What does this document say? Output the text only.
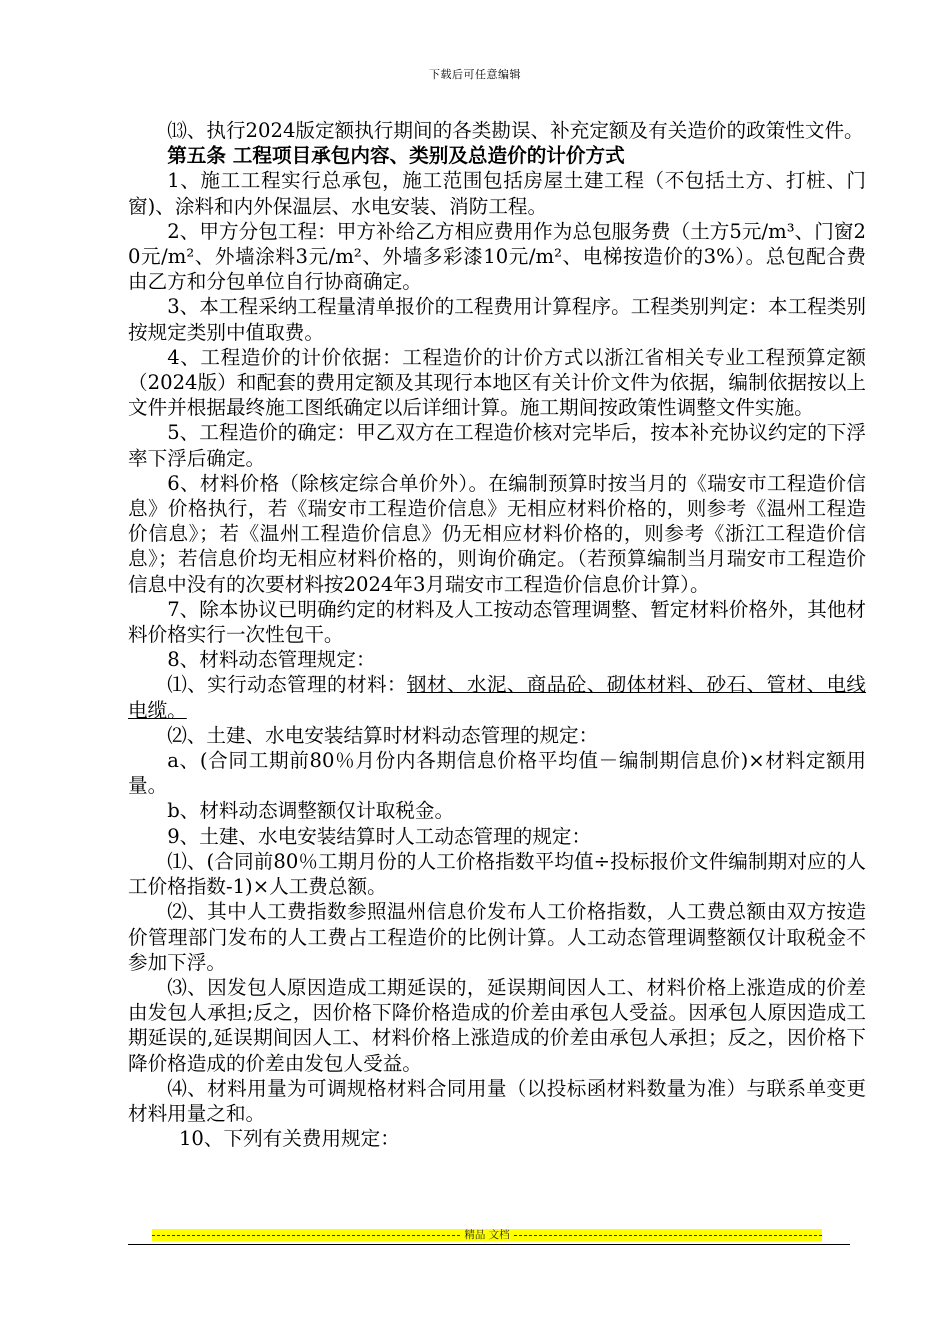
下载后可任意编辑

⒀、执行2024版定额执行期间的各类勘误、补充定额及有关造价的政策性文件。

第五条 工程项目承包内容、类别及总造价的计价方式

1、施工工程实行总承包，施工范围包括房屋土建工程（不包括土方、打桩、门窗)、涂料和内外保温层、水电安装、消防工程。

2、甲方分包工程：甲方补给乙方相应费用作为总包服务费（土方5元/m³、门窗20元/m²、外墙涂料3元/m²、外墙多彩漆10元/m²、电梯按造价的3%）。总包配合费由乙方和分包单位自行协商确定。

3、本工程采纳工程量清单报价的工程费用计算程序。工程类别判定：本工程类别按规定类别中值取费。

4、工程造价的计价依据：工程造价的计价方式以浙江省相关专业工程预算定额（2024版）和配套的费用定额及其现行本地区有关计价文件为依据，编制依据按以上文件并根据最终施工图纸确定以后详细计算。施工期间按政策性调整文件实施。

5、工程造价的确定：甲乙双方在工程造价核对完毕后，按本补充协议约定的下浮率下浮后确定。

6、材料价格（除核定综合单价外）。在编制预算时按当月的《瑞安市工程造价信息》价格执行，若《瑞安市工程造价信息》无相应材料价格的，则参考《温州工程造价信息》；若《温州工程造价信息》仍无相应材料价格的，则参考《浙江工程造价信息》；若信息价均无相应材料价格的，则询价确定。（若预算编制当月瑞安市工程造价信息中没有的次要材料按2024年3月瑞安市工程造价信息价计算）。

7、除本协议已明确约定的材料及人工按动态管理调整、暂定材料价格外，其他材料价格实行一次性包干。

8、材料动态管理规定：

⑴、实行动态管理的材料：钢材、水泥、商品砼、砌体材料、砂石、管材、电线电缆。

⑵、土建、水电安装结算时材料动态管理的规定：

a、(合同工期前80％月份内各期信息价格平均值－编制期信息价)×材料定额用量。

b、材料动态调整额仅计取税金。

9、土建、水电安装结算时人工动态管理的规定：

⑴、(合同前80％工期月份的人工价格指数平均值÷投标报价文件编制期对应的人工价格指数-1)×人工费总额。

⑵、其中人工费指数参照温州信息价发布人工价格指数，人工费总额由双方按造价管理部门发布的人工费占工程造价的比例计算。人工动态管理调整额仅计取税金不参加下浮。

⑶、因发包人原因造成工期延误的，延误期间因人工、材料价格上涨造成的价差由发包人承担;反之，因价格下降价格造成的价差由承包人受益。因承包人原因造成工期延误的,延误期间因人工、材料价格上涨造成的价差由承包人承担；反之，因价格下降价格造成的价差由发包人受益。

⑷、材料用量为可调规格材料合同用量（以投标函材料数量为准）与联系单变更材料用量之和。

10、下列有关费用规定：

精品 文档
